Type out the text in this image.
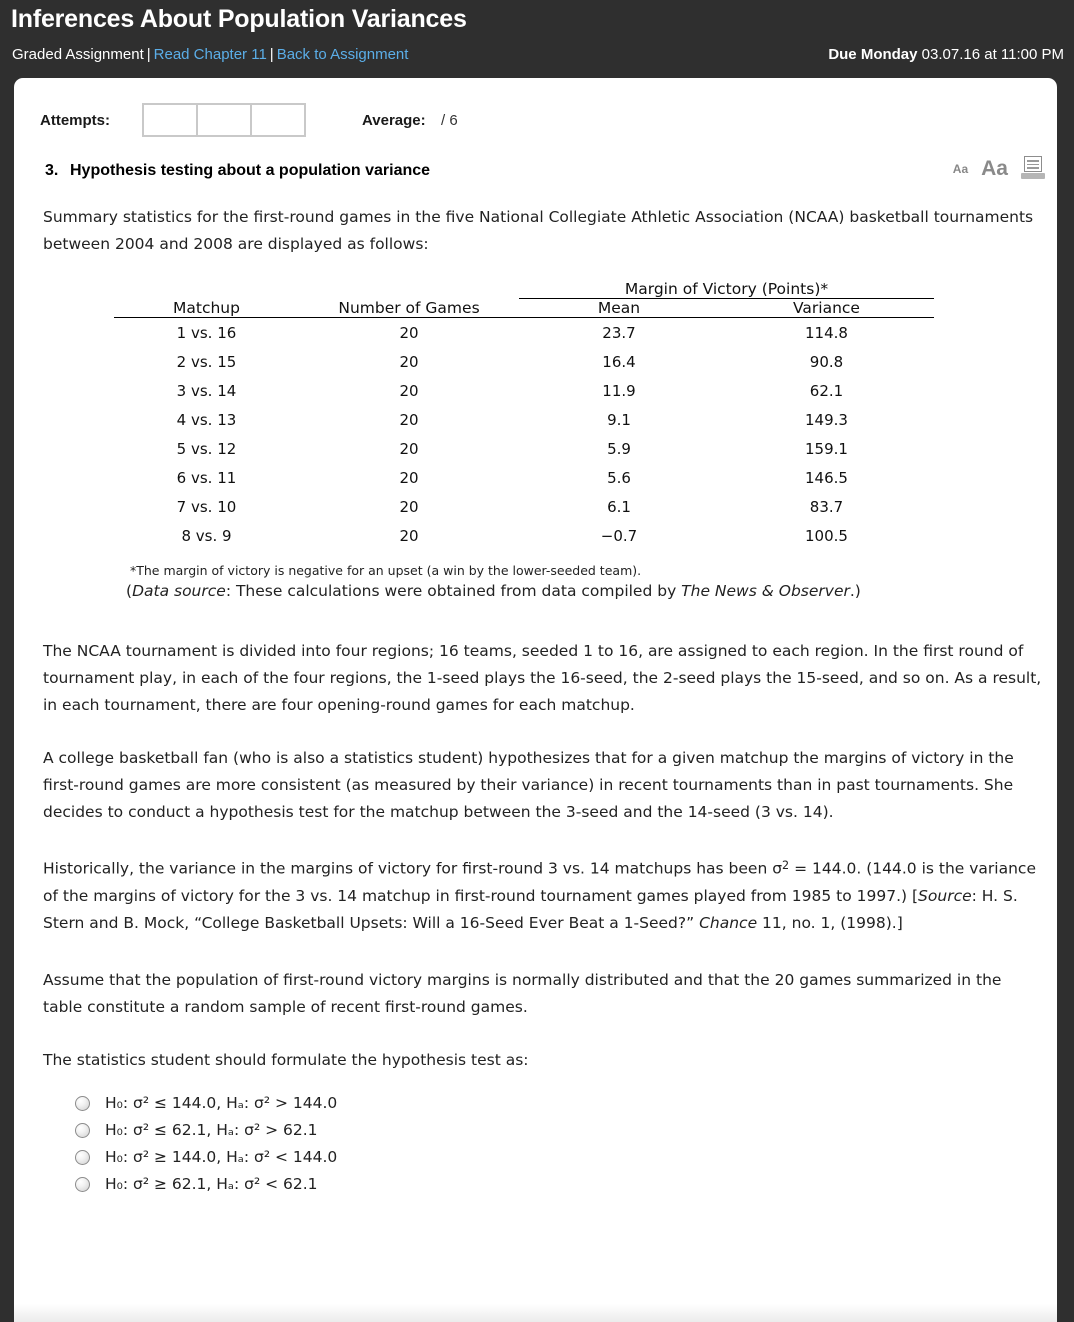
Inferences About Population Variances
Graded Assignment | Read Chapter 11 | Back to Assignment	Due Monday 03.07.16 at 11:00 PM
Attempts:	Average: / 6
3. Hypothesis testing about a population variance	Aa Aa

Summary statistics for the first-round games in the five National Collegiate Athletic Association (NCAA) basketball tournaments between 2004 and 2008 are displayed as follows:

		Margin of Victory (Points)*	
Matchup	Number of Games	Mean	Variance
1 vs. 16	20	23.7	114.8
2 vs. 15	20	16.4	90.8
3 vs. 14	20	11.9	62.1
4 vs. 13	20	9.1	149.3
5 vs. 12	20	5.9	159.1
6 vs. 11	20	5.6	146.5
7 vs. 10	20	6.1	83.7
8 vs. 9	20	−0.7	100.5
*The margin of victory is negative for an upset (a win by the lower-seeded team).
(Data source: These calculations were obtained from data compiled by The News & Observer.)

The NCAA tournament is divided into four regions; 16 teams, seeded 1 to 16, are assigned to each region. In the first round of tournament play, in each of the four regions, the 1-seed plays the 16-seed, the 2-seed plays the 15-seed, and so on. As a result, in each tournament, there are four opening-round games for each matchup.

A college basketball fan (who is also a statistics student) hypothesizes that for a given matchup the margins of victory in the first-round games are more consistent (as measured by their variance) in recent tournaments than in past tournaments. She decides to conduct a hypothesis test for the matchup between the 3-seed and the 14-seed (3 vs. 14).

Historically, the variance in the margins of victory for first-round 3 vs. 14 matchups has been $\sigma^2 = 144.0$. (144.0 is the variance of the margins of victory for the 3 vs. 14 matchup in first-round tournament games played from 1985 to 1997.) [Source: H. S. Stern and B. Mock, “College Basketball Upsets: Will a 16-Seed Ever Beat a 1-Seed?” Chance 11, no. 1, (1998).]

Assume that the population of first-round victory margins is normally distributed and that the 20 games summarized in the table constitute a random sample of recent first-round games.

The statistics student should formulate the hypothesis test as:

H₀: σ² ≤ 144.0, Hₐ: σ² > 144.0
H₀: σ² ≤ 62.1, Hₐ: σ² > 62.1
H₀: σ² ≥ 144.0, Hₐ: σ² < 144.0
H₀: σ² ≥ 62.1, Hₐ: σ² < 62.1
